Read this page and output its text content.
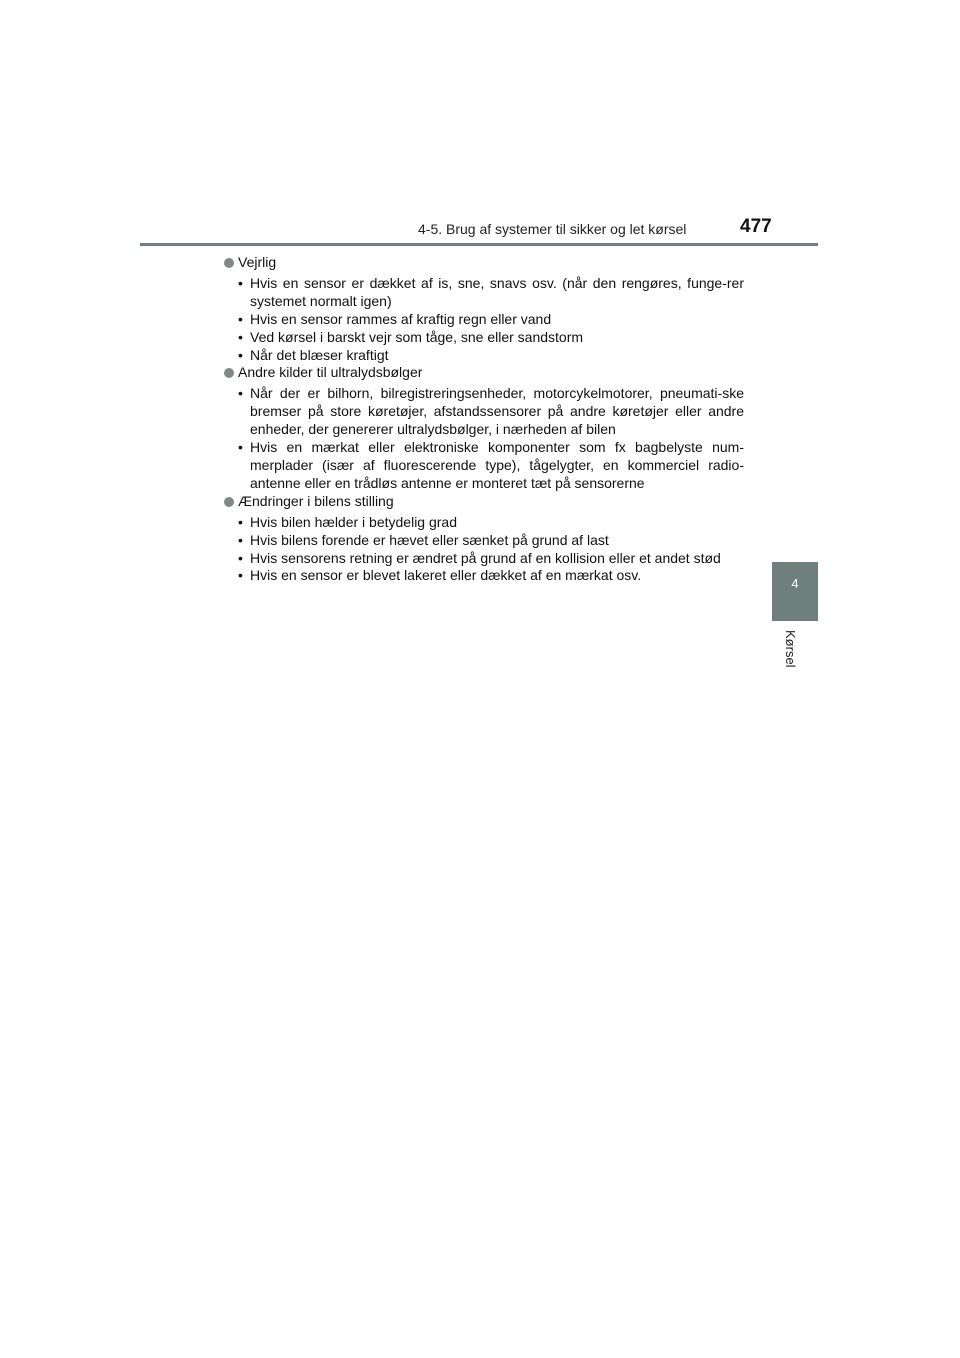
4-5. Brug af systemer til sikker og let kørsel	477
4
Kørsel
Vejrlig
• Hvis en sensor er dækket af is, sne, snavs osv. (når den rengøres, funge-rer systemet normalt igen)
• Hvis en sensor rammes af kraftig regn eller vand
• Ved kørsel i barskt vejr som tåge, sne eller sandstorm
• Når det blæser kraftigt
Andre kilder til ultralydsbølger
• Når der er bilhorn, bilregistreringsenheder, motorcykelmotorer, pneumati-ske bremser på store køretøjer, afstandssensorer på andre køretøjer eller andre enheder, der genererer ultralydsbølger, i nærheden af bilen
• Hvis en mærkat eller elektroniske komponenter som fx bagbelyste num-merplader (især af fluorescerende type), tågelygter, en kommerciel radio-antenne eller en trådløs antenne er monteret tæt på sensorerne
Ændringer i bilens stilling
• Hvis bilen hælder i betydelig grad
• Hvis bilens forende er hævet eller sænket på grund af last
• Hvis sensorens retning er ændret på grund af en kollision eller et andet stød
• Hvis en sensor er blevet lakeret eller dækket af en mærkat osv.
